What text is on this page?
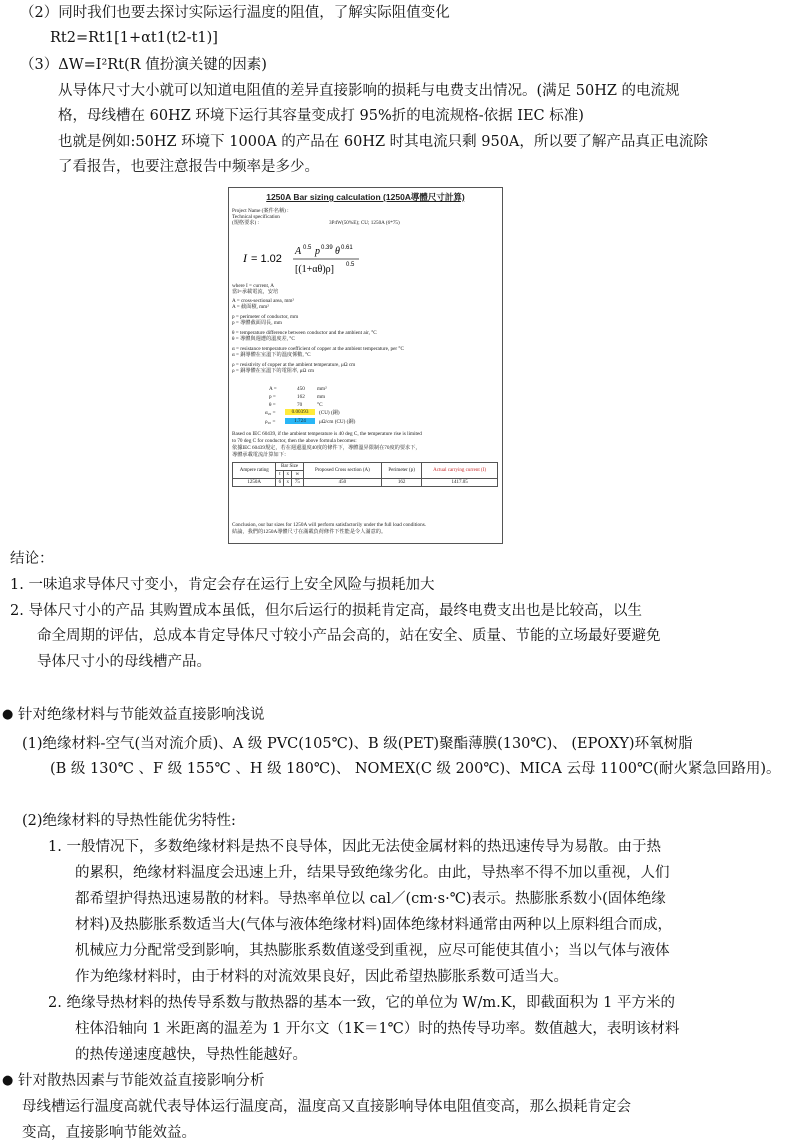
（2）同时我们也要去探讨实际运行温度的阻值，了解实际阻值变化
Rt2=Rt1[1+αt1(t2-t1)]
（3）ΔW=I²Rt(R 值扮演关键的因素)
从导体尺寸大小就可以知道电阻值的差异直接影响的损耗与电费支出情况。(满足 50HZ 的电流规
格，母线槽在 60HZ 环境下运行其容量变成打 95%折的电流规格-依据 IEC 标准)
也就是例如:50HZ 环境下 1000A 的产品在 60HZ 时其电流只剩 950A，所以要了解产品真正电流除
了看报告，也要注意报告中频率是多少。
1250A Bar sizing calculation (1250A導體尺寸計算)
Project Name (案件名稱) :
Technical specification
(規格要求) :	3P4W(50%E); CU; 1250A (6*75)
I = 1.02
A 0.5 p 0.39 θ 0.61
[(1+αθ)ρ] 0.5
where I = current, A
當I=承載電流，安培
A = cross-sectional area, mm²
A = 截面積, mm²
p = perimeter of conductor, mm
p = 導體截面周長, mm
θ = temperature difference between conductor and the ambient air, °C
θ = 導體與週遭的溫度差, °C
α = resistance temperature coefficient of copper at the ambient temperature, per °C
α = 銅導體在室溫下的溫度係數, °C
ρ = resistivity of copper at the ambient temperature, μΩ cm
ρ = 銅導體在室溫下的電阻率, μΩ cm
A =	450 mm²
p =	162 mm
θ =	70	°C
α₂₀ =	0.00393	(CU) (銅)
ρ₂₀ =	1.724	μΩ/cm (CU) (銅)
Based on IEC 60439, if the ambient temperature is 40 deg C, the temperature rise is limited
to 70 deg C for conductor, then the above formula becomes:
依據IEC 60439規定，若在週邊溫度40度的條件下，導體溫昇限制在70度的要求下，
導體承載電流計算如下：
Ampere rating	Bar Size			Proposed Cross section (A)	Perimeter (p)	Actual carrying current (I)
	t	x	w			
1250A	6	x	75	450	162	1417.05
Conclusion, our bar sizes for 1250A will perform satisfactorily under the full load conditions.
結論，我們的1250A導體尺寸在滿載負荷條件下性能是令人滿意的。
结论：
1. 一味追求导体尺寸变小，肯定会存在运行上安全风险与损耗加大
2. 导体尺寸小的产品 其购置成本虽低，但尔后运行的损耗肯定高，最终电费支出也是比较高，以生
命全周期的评估，总成本肯定导体尺寸较小产品会高的，站在安全、质量、节能的立场最好要避免
导体尺寸小的母线槽产品。
● 针对绝缘材料与节能效益直接影响浅说
(1)绝缘材料-空气(当对流介质)、A 级 PVC(105℃)、B 级(PET)聚酯薄膜(130℃)、 (EPOXY)环氧树脂
(B 级 130℃ 、F 级 155℃ 、H 级 180℃)、 NOMEX(C 级 200℃)、MICA 云母 1100℃(耐火紧急回路用)。
(2)绝缘材料的导热性能优劣特性:
1. 一般情况下，多数绝缘材料是热不良导体，因此无法使金属材料的热迅速传导为易散。由于热
的累积，绝缘材料温度会迅速上升，结果导致绝缘劣化。由此，导热率不得不加以重视，人们
都希望护得热迅速易散的材料。导热率单位以 cal／(cm·s·℃)表示。热膨胀系数小(固体绝缘
材料)及热膨胀系数适当大(气体与液体绝缘材料)固体绝缘材料通常由两种以上原料组合而成，
机械应力分配常受到影响，其热膨胀系数值遂受到重视，应尽可能使其值小；当以气体与液体
作为绝缘材料时，由于材料的对流效果良好，因此希望热膨胀系数可适当大。
2. 绝缘导热材料的热传导系数与散热器的基本一致，它的单位为 W/m.K，即截面积为 1 平方米的
柱体沿轴向 1 米距离的温差为 1 开尔文（1K＝1℃）时的热传导功率。数值越大，表明该材料
的热传递速度越快，导热性能越好。
● 针对散热因素与节能效益直接影响分析
母线槽运行温度高就代表导体运行温度高，温度高又直接影响导体电阻值变高，那么损耗肯定会
变高，直接影响节能效益。
